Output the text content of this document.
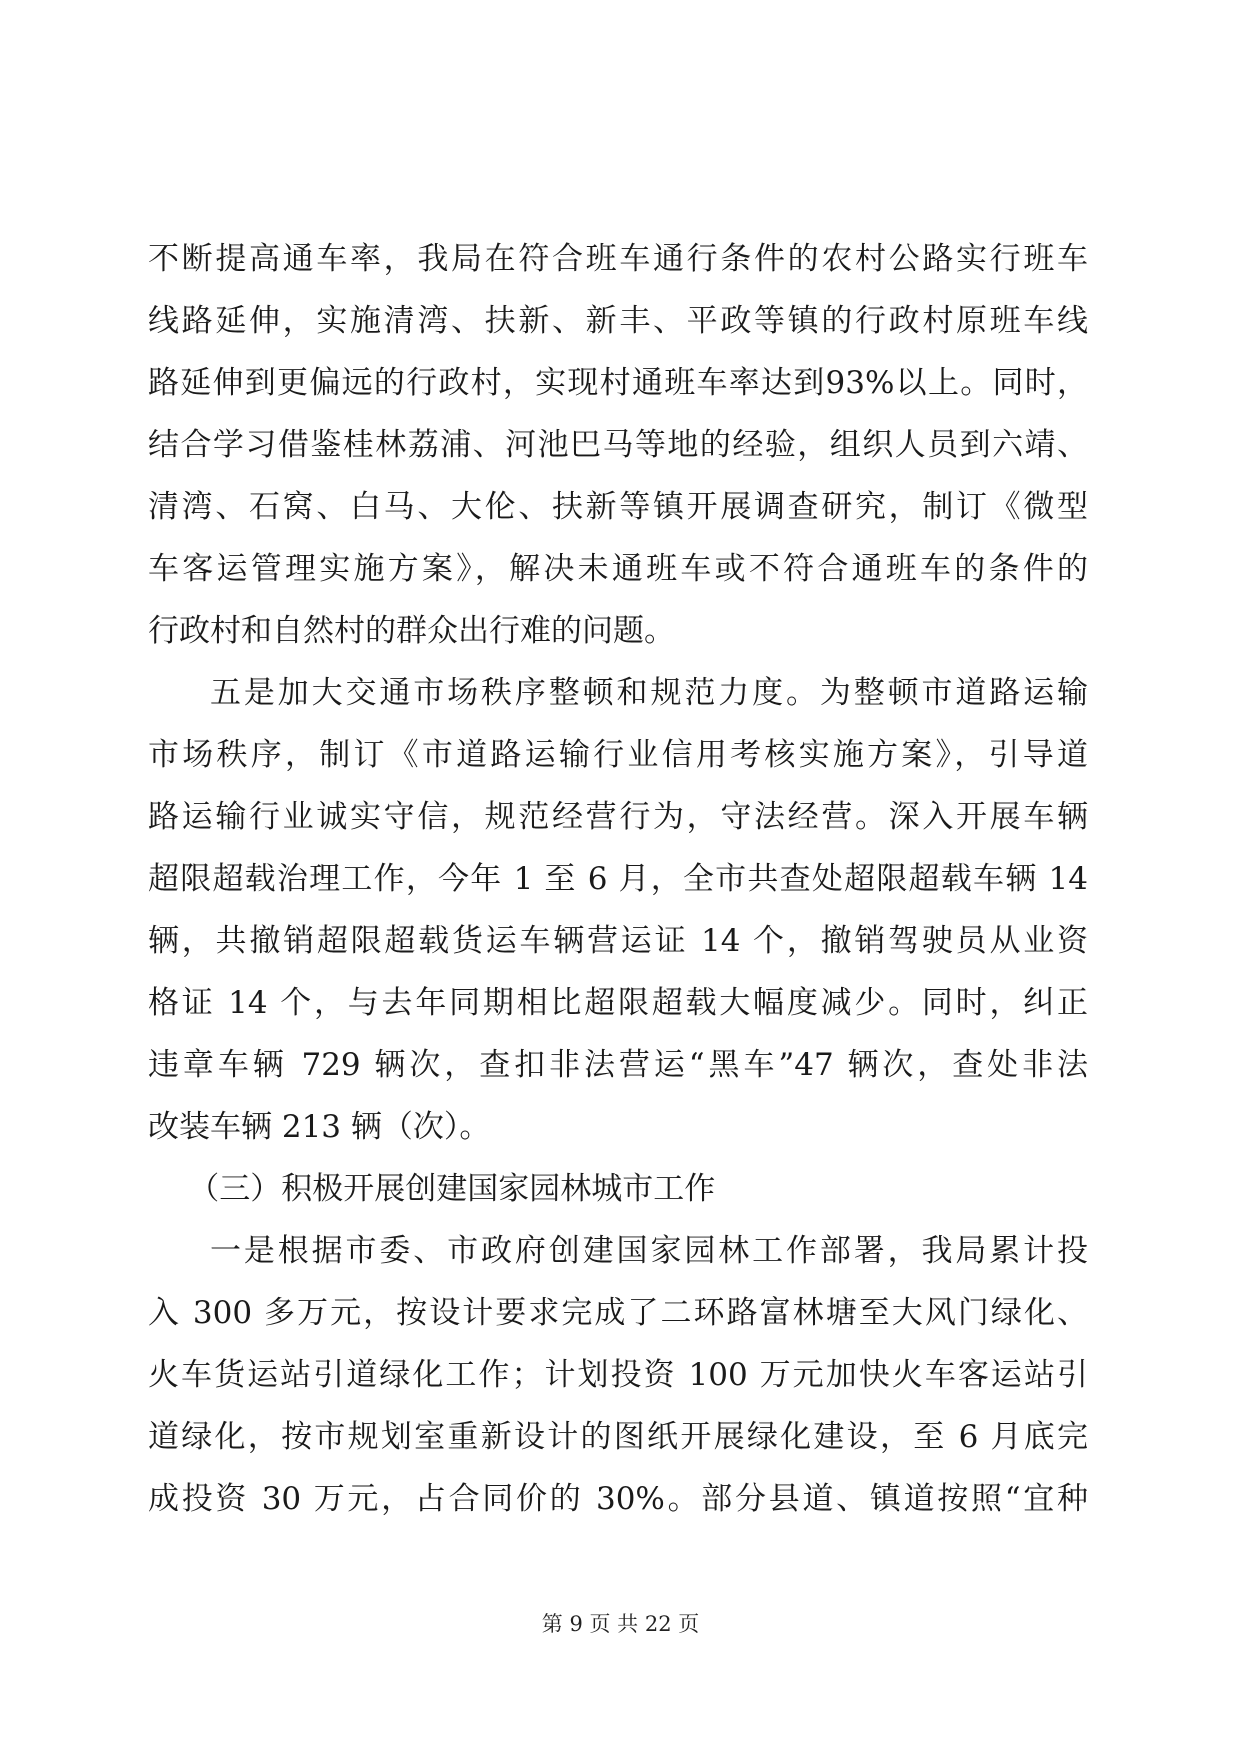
不断提高通车率，我局在符合班车通行条件的农村公路实行班车
线路延伸，实施清湾、扶新、新丰、平政等镇的行政村原班车线
路延伸到更偏远的行政村，实现村通班车率达到93%以上。同时，
结合学习借鉴桂林荔浦、河池巴马等地的经验，组织人员到六靖、
清湾、石窝、白马、大伦、扶新等镇开展调查研究，制订《微型
车客运管理实施方案》，解决未通班车或不符合通班车的条件的
行政村和自然村的群众出行难的问题。
五是加大交通市场秩序整顿和规范力度。为整顿市道路运输
市场秩序，制订《市道路运输行业信用考核实施方案》，引导道
路运输行业诚实守信，规范经营行为，守法经营。深入开展车辆
超限超载治理工作，今年 1 至 6 月，全市共查处超限超载车辆 14
辆，共撤销超限超载货运车辆营运证 14 个，撤销驾驶员从业资
格证 14 个，与去年同期相比超限超载大幅度减少。同时，纠正
违章车辆 729 辆次，查扣非法营运“黑车”47 辆次，查处非法
改装车辆 213 辆（次）。
（三）积极开展创建国家园林城市工作
一是根据市委、市政府创建国家园林工作部署，我局累计投
入 300 多万元，按设计要求完成了二环路富林塘至大风门绿化、
火车货运站引道绿化工作；计划投资 100 万元加快火车客运站引
道绿化，按市规划室重新设计的图纸开展绿化建设，至 6 月底完
成投资 30 万元，占合同价的 30%。部分县道、镇道按照“宜种
第 9 页 共 22 页
